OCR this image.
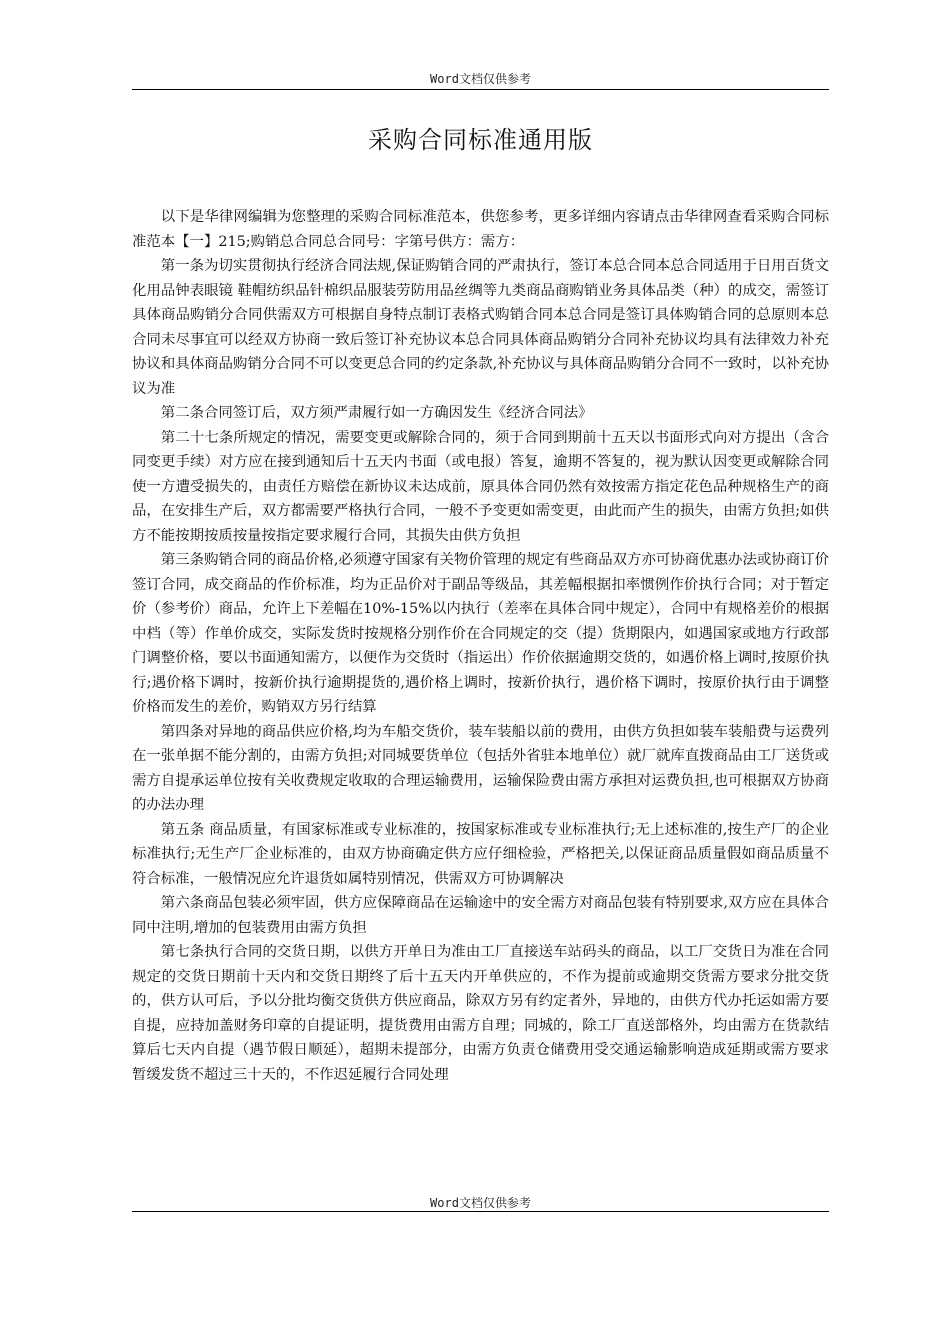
Word文档仅供参考
采购合同标准通用版

以下是华律网编辑为您整理的采购合同标准范本，供您参考，更多详细内容请点击华律网查看采购合同标准范本【一】215;购销总合同总合同号：字第号供方：需方：

第一条为切实贯彻执行经济合同法规,保证购销合同的严肃执行，签订本总合同本总合同适用于日用百货文化用品钟表眼镜 鞋帽纺织品针棉织品服装劳防用品丝绸等九类商品商购销业务具体品类（种）的成交，需签订具体商品购销分合同供需双方可根据自身特点制订表格式购销合同本总合同是签订具体购销合同的总原则本总合同未尽事宜可以经双方协商一致后签订补充协议本总合同具体商品购销分合同补充协议均具有法律效力补充协议和具体商品购销分合同不可以变更总合同的约定条款,补充协议与具体商品购销分合同不一致时，以补充协议为准

第二条合同签订后，双方须严肃履行如一方确因发生《经济合同法》

第二十七条所规定的情况，需要变更或解除合同的，须于合同到期前十五天以书面形式向对方提出（含合同变更手续）对方应在接到通知后十五天内书面（或电报）答复，逾期不答复的，视为默认因变更或解除合同使一方遭受损失的，由责任方赔偿在新协议未达成前，原具体合同仍然有效按需方指定花色品种规格生产的商品，在安排生产后，双方都需要严格执行合同，一般不予变更如需变更，由此而产生的损失，由需方负担;如供方不能按期按质按量按指定要求履行合同，其损失由供方负担

第三条购销合同的商品价格,必须遵守国家有关物价管理的规定有些商品双方亦可协商优惠办法或协商订价签订合同，成交商品的作价标准，均为正品价对于副品等级品，其差幅根据扣率惯例作价执行合同；对于暂定价（参考价）商品，允许上下差幅在10%-15%以内执行（差率在具体合同中规定），合同中有规格差价的根据中档（等）作单价成交，实际发货时按规格分别作价在合同规定的交（提）货期限内，如遇国家或地方行政部门调整价格，要以书面通知需方，以便作为交货时（指运出）作价依据逾期交货的，如遇价格上调时,按原价执行;遇价格下调时，按新价执行逾期提货的,遇价格上调时，按新价执行，遇价格下调时，按原价执行由于调整价格而发生的差价，购销双方另行结算

第四条对异地的商品供应价格,均为车船交货价，装车装船以前的费用，由供方负担如装车装船费与运费列在一张单据不能分割的，由需方负担;对同城要货单位（包括外省驻本地单位）就厂就库直拨商品由工厂送货或需方自提承运单位按有关收费规定收取的合理运输费用，运输保险费由需方承担对运费负担,也可根据双方协商的办法办理

第五条 商品质量，有国家标准或专业标准的，按国家标准或专业标准执行;无上述标准的,按生产厂的企业标准执行;无生产厂企业标准的，由双方协商确定供方应仔细检验，严格把关,以保证商品质量假如商品质量不符合标准，一般情况应允许退货如属特别情况，供需双方可协调解决

第六条商品包装必须牢固，供方应保障商品在运输途中的安全需方对商品包装有特别要求,双方应在具体合同中注明,增加的包装费用由需方负担

第七条执行合同的交货日期，以供方开单日为准由工厂直接送车站码头的商品，以工厂交货日为准在合同规定的交货日期前十天内和交货日期终了后十五天内开单供应的，不作为提前或逾期交货需方要求分批交货的，供方认可后，予以分批均衡交货供方供应商品，除双方另有约定者外，异地的，由供方代办托运如需方要自提，应持加盖财务印章的自提证明，提货费用由需方自理；同城的，除工厂直送部格外，均由需方在货款结算后七天内自提（遇节假日顺延），超期未提部分，由需方负责仓储费用受交通运输影响造成延期或需方要求暂缓发货不超过三十天的，不作迟延履行合同处理

Word文档仅供参考
